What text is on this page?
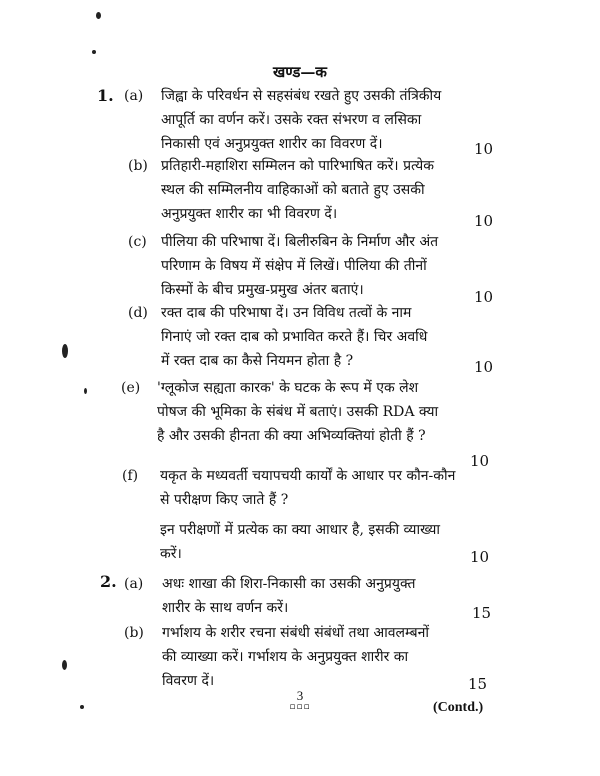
खण्ड—क
1. (a) जिह्वा के परिवर्धन से सहसंबंध रखते हुए उसकी तंत्रिकीय
आपूर्ति का वर्णन करें। उसके रक्त संभरण व लसिका
निकासी एवं अनुप्रयुक्त शारीर का विवरण दें।	10
(b) प्रतिहारी-महाशिरा सम्मिलन को पारिभाषित करें। प्रत्येक
स्थल की सम्मिलनीय वाहिकाओं को बताते हुए उसकी
अनुप्रयुक्त शारीर का भी विवरण दें।	10
(c) पीलिया की परिभाषा दें। बिलीरुबिन के निर्माण और अंत
परिणाम के विषय में संक्षेप में लिखें। पीलिया की तीनों
किस्मों के बीच प्रमुख-प्रमुख अंतर बताएं।	10
(d) रक्त दाब की परिभाषा दें। उन विविध तत्वों के नाम
गिनाएं जो रक्त दाब को प्रभावित करते हैं। चिर अवधि
में रक्त दाब का कैसे नियमन होता है ?	10
(e) 'ग्लूकोज सह्यता कारक' के घटक के रूप में एक लेश
पोषज की भूमिका के संबंध में बताएं। उसकी RDA क्या
है और उसकी हीनता की क्या अभिव्यक्तियां होती हैं ?
10
(f) यकृत के मध्यवर्ती चयापचयी कार्यों के आधार पर कौन-कौन
से परीक्षण किए जाते हैं ?
इन परीक्षणों में प्रत्येक का क्या आधार है, इसकी व्याख्या
करें।	10
2. (a) अधः शाखा की शिरा-निकासी का उसकी अनुप्रयुक्त
शारीर के साथ वर्णन करें।	15
(b) गर्भाशय के शरीर रचना संबंधी संबंधों तथा आवलम्बनों
की व्याख्या करें। गर्भाशय के अनुप्रयुक्त शारीर का
विवरण दें।	15
3
▫▫▫	(Contd.)
